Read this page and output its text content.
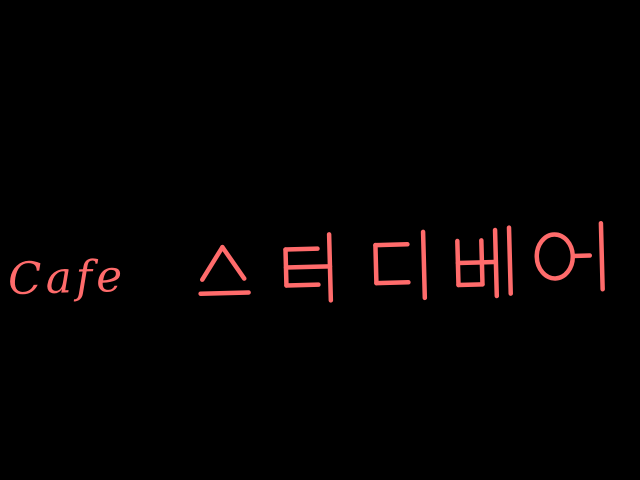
Cafe
